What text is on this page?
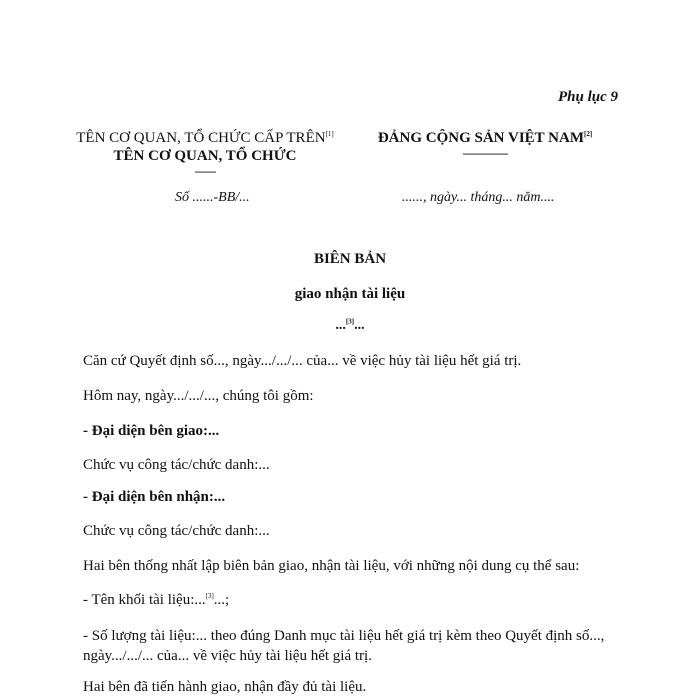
Phụ lục 9
TÊN CƠ QUAN, TỔ CHỨC CẤP TRÊN[1]
TÊN CƠ QUAN, TỔ CHỨC
-------
ĐẢNG CỘNG SẢN VIỆT NAM[2]
---------------
Số ......-BB/...	......, ngày... tháng... năm....
BIÊN BẢN
giao nhận tài liệu
...[3]...
Căn cứ Quyết định số..., ngày.../.../... của... về việc hủy tài liệu hết giá trị.
Hôm nay, ngày.../.../..., chúng tôi gồm:
- Đại diện bên giao:...
Chức vụ công tác/chức danh:...
- Đại diện bên nhận:...
Chức vụ công tác/chức danh:...
Hai bên thống nhất lập biên bản giao, nhận tài liệu, với những nội dung cụ thể sau:
- Tên khối tài liệu:...[3]...;
- Số lượng tài liệu:... theo đúng Danh mục tài liệu hết giá trị kèm theo Quyết định số..., ngày.../.../... của... về việc hủy tài liệu hết giá trị.
Hai bên đã tiến hành giao, nhận đầy đủ tài liệu.
